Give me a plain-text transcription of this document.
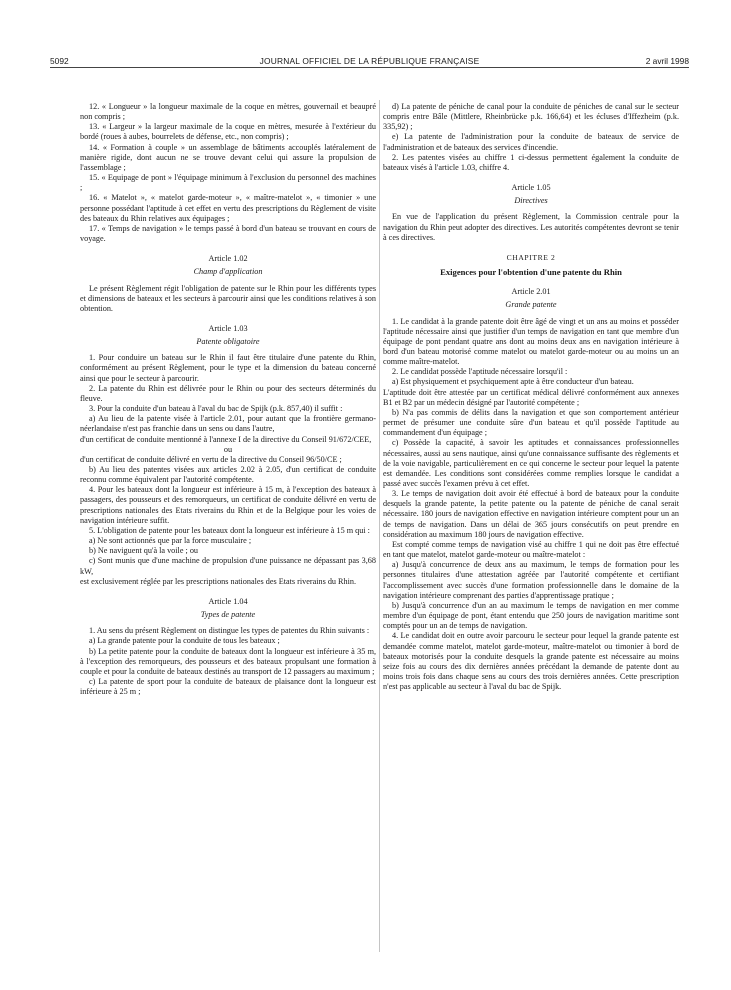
JOURNAL OFFICIEL DE LA RÉPUBLIQUE FRANÇAISE
5092	2 avril 1998

12. « Longueur » la longueur maximale de la coque en mètres, gouvernail et beaupré non compris ;

13. « Largeur » la largeur maximale de la coque en mètres, mesurée à l'extérieur du bordé (roues à aubes, bourrelets de défense, etc., non compris) ;

14. « Formation à couple » un assemblage de bâtiments accouplés latéralement de manière rigide, dont aucun ne se trouve devant celui qui assure la propulsion de l'assemblage ;

15. « Equipage de pont » l'équipage minimum à l'exclusion du personnel des machines ;

16. « Matelot », « matelot garde-moteur », « maître-matelot », « timonier » une personne possédant l'aptitude à cet effet en vertu des prescriptions du Règlement de visite des bateaux du Rhin relatives aux équipages ;

17. « Temps de navigation » le temps passé à bord d'un bateau se trouvant en cours de voyage.

Article 1.02
Champ d'application

Le présent Règlement régit l'obligation de patente sur le Rhin pour les différents types et dimensions de bateaux et les secteurs à parcourir ainsi que les conditions relatives à son obtention.

Article 1.03
Patente obligatoire

1. Pour conduire un bateau sur le Rhin il faut être titulaire d'une patente du Rhin, conformément au présent Règlement, pour le type et la dimension du bateau concerné ainsi que pour le secteur à parcourir.

2. La patente du Rhin est délivrée pour le Rhin ou pour des secteurs déterminés du fleuve.

3. Pour la conduite d'un bateau à l'aval du bac de Spijk (p.k. 857,40) il suffit :

a) Au lieu de la patente visée à l'article 2.01, pour autant que la frontière germano-néerlandaise n'est pas franchie dans un sens ou dans l'autre,

d'un certificat de conduite mentionné à l'annexe I de la directive du Conseil 91/672/CEE,

ou

d'un certificat de conduite délivré en vertu de la directive du Conseil 96/50/CE ;

b) Au lieu des patentes visées aux articles 2.02 à 2.05, d'un certificat de conduite reconnu comme équivalent par l'autorité compétente.

4. Pour les bateaux dont la longueur est inférieure à 15 m, à l'exception des bateaux à passagers, des pousseurs et des remorqueurs, un certificat de conduite délivré en vertu de prescriptions nationales des Etats riverains du Rhin et de la Belgique pour les voies de navigation intérieure suffit.

5. L'obligation de patente pour les bateaux dont la longueur est inférieure à 15 m qui :

a) Ne sont actionnés que par la force musculaire ;

b) Ne naviguent qu'à la voile ; ou

c) Sont munis que d'une machine de propulsion d'une puissance ne dépassant pas 3,68 kW,

est exclusivement réglée par les prescriptions nationales des Etats riverains du Rhin.

Article 1.04
Types de patente

1. Au sens du présent Règlement on distingue les types de patentes du Rhin suivants :

a) La grande patente pour la conduite de tous les bateaux ;

b) La petite patente pour la conduite de bateaux dont la longueur est inférieure à 35 m, à l'exception des remorqueurs, des pousseurs et des bateaux propulsant une formation à couple et pour la conduite de bateaux destinés au transport de 12 passagers au maximum ;

c) La patente de sport pour la conduite de bateaux de plaisance dont la longueur est inférieure à 25 m ;

d) La patente de péniche de canal pour la conduite de péniches de canal sur le secteur compris entre Bâle (Mittlere, Rheinbrücke p.k. 166,64) et les écluses d'Iffezheim (p.k. 335,92) ;

e) La patente de l'administration pour la conduite de bateaux de service de l'administration et de bateaux des services d'incendie.

2. Les patentes visées au chiffre 1 ci-dessus permettent également la conduite de bateaux visés à l'article 1.03, chiffre 4.

Article 1.05
Directives

En vue de l'application du présent Règlement, la Commission centrale pour la navigation du Rhin peut adopter des directives. Les autorités compétentes devront se tenir à ces directives.

CHAPITRE 2
Exigences pour l'obtention d'une patente du Rhin
Article 2.01
Grande patente

1. Le candidat à la grande patente doit être âgé de vingt et un ans au moins et posséder l'aptitude nécessaire ainsi que justifier d'un temps de navigation en tant que membre d'un équipage de pont pendant quatre ans dont au moins deux ans en navigation intérieure à bord d'un bateau motorisé comme matelot ou matelot garde-moteur ou au moins un an comme maître-matelot.

2. Le candidat possède l'aptitude nécessaire lorsqu'il :

a) Est physiquement et psychiquement apte à être conducteur d'un bateau.

L'aptitude doit être attestée par un certificat médical délivré conformément aux annexes B1 et B2 par un médecin désigné par l'autorité compétente ;

b) N'a pas commis de délits dans la navigation et que son comportement antérieur permet de présumer une conduite sûre d'un bateau et qu'il possède l'aptitude au commandement d'un équipage ;

c) Possède la capacité, à savoir les aptitudes et connaissances professionnelles nécessaires, aussi au sens nautique, ainsi qu'une connaissance suffisante des règlements et de la voie navigable, particulièrement en ce qui concerne le secteur pour lequel la patente est demandée. Les conditions sont considérées comme remplies lorsque le candidat a passé avec succès l'examen prévu à cet effet.

3. Le temps de navigation doit avoir été effectué à bord de bateaux pour la conduite desquels la grande patente, la petite patente ou la patente de péniche de canal serait nécessaire. 180 jours de navigation effective en navigation intérieure comptent pour un an de temps de navigation. Dans un délai de 365 jours consécutifs on peut prendre en considération au maximum 180 jours de navigation effective.

Est compté comme temps de navigation visé au chiffre 1 qui ne doit pas être effectué en tant que matelot, matelot garde-moteur ou maître-matelot :

a) Jusqu'à concurrence de deux ans au maximum, le temps de formation pour les personnes titulaires d'une attestation agréée par l'autorité compétente et certifiant l'accomplissement avec succès d'une formation professionnelle dans le domaine de la navigation intérieure comprenant des parties d'apprentissage pratique ;

b) Jusqu'à concurrence d'un an au maximum le temps de navigation en mer comme membre d'un équipage de pont, étant entendu que 250 jours de navigation maritime sont comptés pour un an de temps de navigation.

4. Le candidat doit en outre avoir parcouru le secteur pour lequel la grande patente est demandée comme matelot, matelot garde-moteur, maître-matelot ou timonier à bord de bateaux motorisés pour la conduite desquels la grande patente est nécessaire au moins seize fois au cours des dix dernières années précédant la demande de patente dont au moins trois fois dans chaque sens au cours des trois dernières années. Cette prescription n'est pas applicable au secteur à l'aval du bac de Spijk.
